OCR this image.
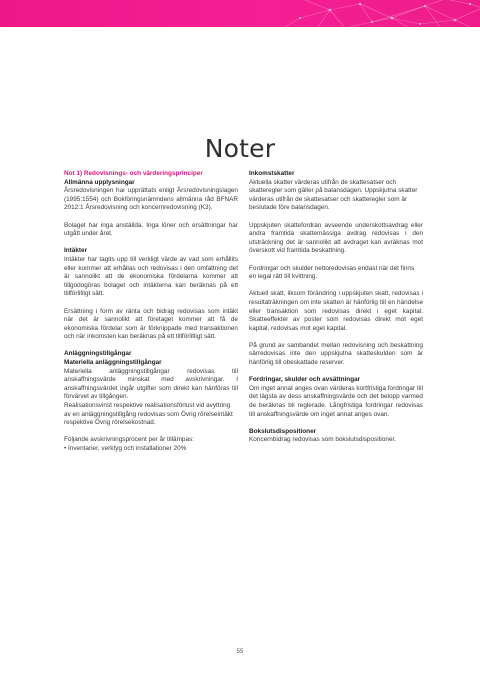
Noter

Not 1) Redovisnings- och värderingsprinciper

Allmänna upplysningar

Årsredovisningen har upprättats enligt Årsredovisningslagen (1995:1554) och Bokföringsnämndens allmänna råd BFNAR 2012:1 Årsredovisning och koncernredovisning (K3).

Bolaget har inga anställda. Inga löner och ersättningar har utgått under året.

Intäkter

Intäkter har tagits upp till verkligt värde av vad som erhållits eller kommer att erhållas och redovisas i den omfattning det är sannolikt att de ekonomiska fördelarna kommer att tillgodogöras bolaget och intäkterna kan beräknas på ett tillförlitligt sätt.

Ersättning i form av ränta och bidrag redovisas som intäkt när det är sannolikt att företaget kommer att få de ekonomiska fördelar som är förknippade med transaktionen och när inkomsten kan beräknas på ett tillförlitligt sätt.

Anläggningstillgångar
Materiella anläggningstillgångar

Materiella anläggningstillgångar redovisas till anskaffningsvärde minskat med avskrivningar. I anskaffningsvärdet ingår utgifter som direkt kan hänföras till förvärvet av tillgången.

Realisationsvinst respektive realisationsförlust vid avyttring av en anläggningstillgång redovisas som Övrig rörelseintäkt respektive Övrig rörelsekostnad.

Följande avskrivningsprocent per år tillämpas:

• Inventarier, verktyg och installationer 20%

Inkomstskatter

Aktuella skatter värderas utifrån de skattesatser och skatteregler som gäller på balansdagen. Uppskjutna skatter värderas utifrån de skattesatser och skatteregler som är beslutade före balansdagen.

Uppskjuten skattefordran avseende underskottsavdrag eller andra framtida skattemässiga avdrag redovisas i den utsträckning det är sannolikt att avdraget kan avräknas mot överskott vid framtida beskattning.

Fordringar och skulder nettoredovisas endast när det finns en legal rätt till kvittning.

Aktuell skatt, liksom förändring i uppskjuten skatt, redovisas i resultaträkningen om inte skatten är hänförlig till en händelse eller transaktion som redovisas direkt i eget kapital. Skatteeffekter av poster som redovisas direkt mot eget kapital, redovisas mot eget kapital.

På grund av sambandet mellan redovisning och beskattning särredovisas inte den uppskjutna skatteskulden som är hänförlig till obeskattade reserver.

Fordringar, skulder och avsättningar

Om inget annat anges ovan värderas kortfristiga fordringar till det lägsta av dess anskaffningsvärde och det belopp varmed de beräknas bli reglerade. Långfristiga fordringar redovisas till anskaffningsvärde om inget annat anges ovan.

Bokslutsdispositioner

Koncernbidrag redovisas som bokslutsdispositioner.

55
